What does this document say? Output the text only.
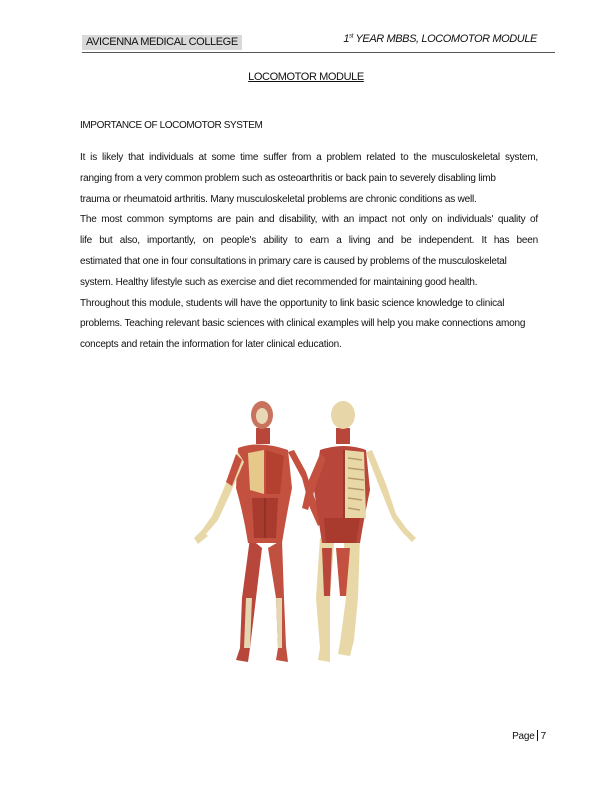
AVICENNA MEDICAL COLLEGE	1st YEAR MBBS, LOCOMOTOR MODULE
LOCOMOTOR MODULE
IMPORTANCE OF LOCOMOTOR SYSTEM
It is likely that individuals at some time suffer from a problem related to the musculoskeletal system,
ranging from a very common problem such as osteoarthritis or back pain to severely disabling limb
trauma or rheumatoid arthritis. Many musculoskeletal problems are chronic conditions as well.
The most common symptoms are pain and disability, with an impact not only on individuals' quality of
life but also, importantly, on people's ability to earn a living and be independent. It has been
estimated that one in four consultations in primary care is caused by problems of the musculoskeletal
system. Healthy lifestyle such as exercise and diet recommended for maintaining good health.
Throughout this module, students will have the opportunity to link basic science knowledge to clinical
problems. Teaching relevant basic sciences with clinical examples will help you make connections among
concepts and retain the information for later clinical education.
Page 7
